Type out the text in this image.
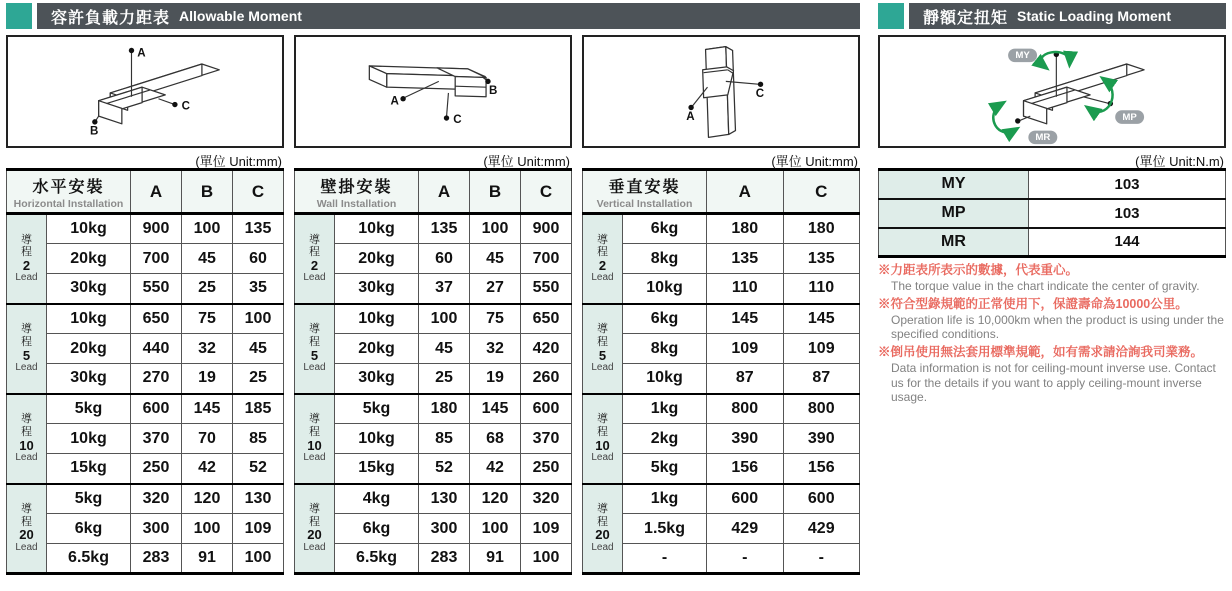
容許負載力距表 Allowable Moment
A
B
C
(單位 Unit:mm)
水平安裝
Horizontal Installation		A	B	C

導
程
2
Lead	10kg	900	100	135
	20kg	700	45	60
	30kg	550	25	35

導
程
5
Lead	10kg	650	75	100
	20kg	440	32	45
	30kg	270	19	25

導
程
10
Lead	5kg	600	145	185
	10kg	370	70	85
	15kg	250	42	52

導
程
20
Lead	5kg	320	120	130
	6kg	300	100	109
	6.5kg	283	91	100
A
C
B
(單位 Unit:mm)
壁掛安裝
Wall Installation		A	B	C

導
程
2
Lead	10kg	135	100	900
	20kg	60	45	700
	30kg	37	27	550

導
程
5
Lead	10kg	100	75	650
	20kg	45	32	420
	30kg	25	19	260

導
程
10
Lead	5kg	180	145	600
	10kg	85	68	370
	15kg	52	42	250

導
程
20
Lead	4kg	130	120	320
	6kg	300	100	109
	6.5kg	283	91	100
A
C
(單位 Unit:mm)
垂直安裝
Vertical Installation		A	C

導
程
2
Lead	6kg	180	180
	8kg	135	135
	10kg	110	110

導
程
5
Lead	6kg	145	145
	8kg	109	109
	10kg	87	87

導
程
10
Lead	1kg	800	800
	2kg	390	390
	5kg	156	156

導
程
20
Lead	1kg	600	600
	1.5kg	429	429
	-	-	-
靜額定扭矩 Static Loading Moment
MY
MP
MR
(單位 Unit:N.m)
MY	103
MP	103
MR	144
※力距表所表示的數據，代表重心。
The torque value in the chart indicate the center of gravity.
※符合型錄規範的正常使用下，保證壽命為10000公里。
Operation life is 10,000km when the product is using under the specified conditions.
※倒吊使用無法套用標準規範，如有需求請洽詢我司業務。
Data information is not for ceiling-mount inverse use. Contact us for the details if you want to apply ceiling-mount inverse usage.
